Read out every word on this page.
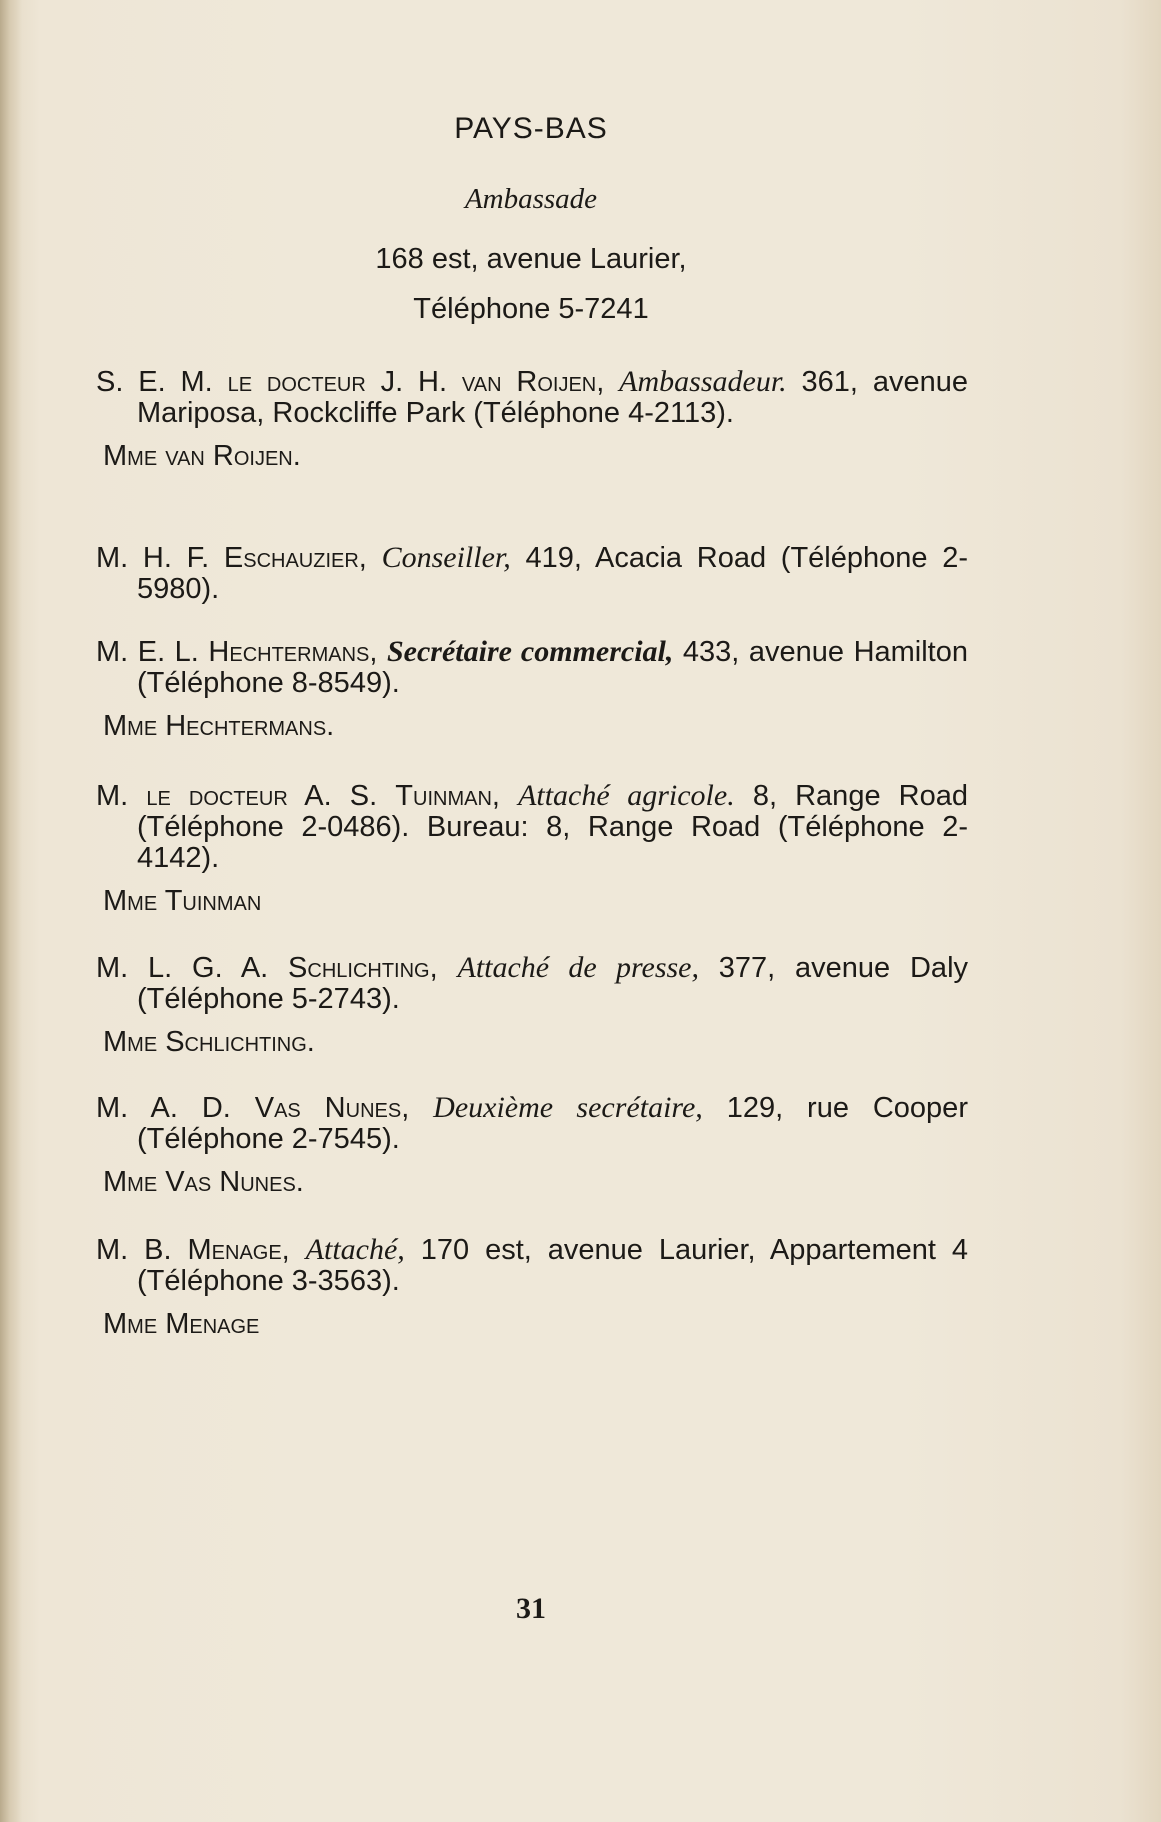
PAYS-BAS
Ambassade
168 est, avenue Laurier,
Téléphone 5-7241

S. E. M. le docteur J. H. van Roijen, Ambassadeur. 361, avenue Mariposa, Rockcliffe Park (Téléphone 4-2113).

Mme van Roijen.

M. H. F. Eschauzier, Conseiller, 419, Acacia Road (Téléphone 2-5980).

M. E. L. Hechtermans, Secrétaire commercial, 433, avenue Hamilton (Téléphone 8-8549).

Mme Hechtermans.

M. le docteur A. S. Tuinman, Attaché agricole. 8, Range Road (Téléphone 2-0486). Bureau: 8, Range Road (Téléphone 2-4142).

Mme Tuinman

M. L. G. A. Schlichting, Attaché de presse, 377, avenue Daly (Téléphone 5-2743).

Mme Schlichting.

M. A. D. Vas Nunes, Deuxième secrétaire, 129, rue Cooper (Téléphone 2-7545).

Mme Vas Nunes.

M. B. Menage, Attaché, 170 est, avenue Laurier, Appartement 4 (Téléphone 3-3563).

Mme Menage
31
